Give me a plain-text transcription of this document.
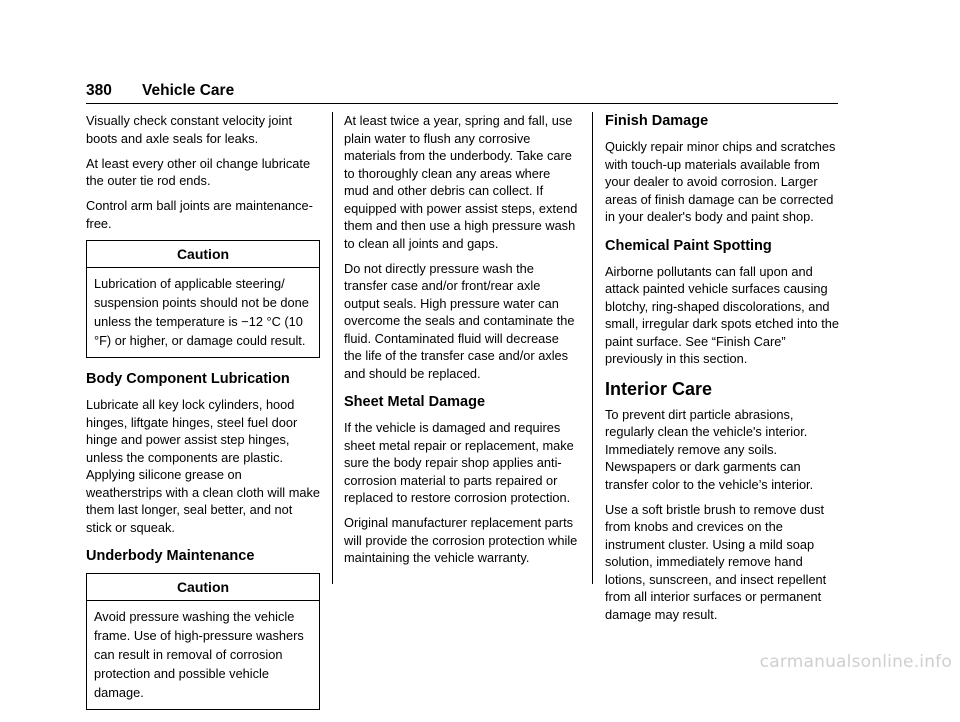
380 Vehicle Care

Visually check constant velocity joint boots and axle seals for leaks.

At least every other oil change lubricate the outer tie rod ends.

Control arm ball joints are maintenance-free.

Caution
Lubrication of applicable steering/ suspension points should not be done unless the temperature is −12 °C (10 °F) or higher, or damage could result.
Body Component Lubrication

Lubricate all key lock cylinders, hood hinges, liftgate hinges, steel fuel door hinge and power assist step hinges, unless the components are plastic. Applying silicone grease on weatherstrips with a clean cloth will make them last longer, seal better, and not stick or squeak.

Underbody Maintenance
Caution
Avoid pressure washing the vehicle frame. Use of high-pressure washers can result in removal of corrosion protection and possible vehicle damage.

At least twice a year, spring and fall, use plain water to flush any corrosive materials from the underbody. Take care to thoroughly clean any areas where mud and other debris can collect. If equipped with power assist steps, extend them and then use a high pressure wash to clean all joints and gaps.

Do not directly pressure wash the transfer case and/or front/rear axle output seals. High pressure water can overcome the seals and contaminate the fluid. Contaminated fluid will decrease the life of the transfer case and/or axles and should be replaced.

Sheet Metal Damage

If the vehicle is damaged and requires sheet metal repair or replacement, make sure the body repair shop applies anti-corrosion material to parts repaired or replaced to restore corrosion protection.

Original manufacturer replacement parts will provide the corrosion protection while maintaining the vehicle warranty.

Finish Damage

Quickly repair minor chips and scratches with touch-up materials available from your dealer to avoid corrosion. Larger areas of finish damage can be corrected in your dealer's body and paint shop.

Chemical Paint Spotting

Airborne pollutants can fall upon and attack painted vehicle surfaces causing blotchy, ring-shaped discolorations, and small, irregular dark spots etched into the paint surface. See “Finish Care” previously in this section.

Interior Care

To prevent dirt particle abrasions, regularly clean the vehicle's interior. Immediately remove any soils. Newspapers or dark garments can transfer color to the vehicle’s interior.

Use a soft bristle brush to remove dust from knobs and crevices on the instrument cluster. Using a mild soap solution, immediately remove hand lotions, sunscreen, and insect repellent from all interior surfaces or permanent damage may result.

carmanualsonline.info
